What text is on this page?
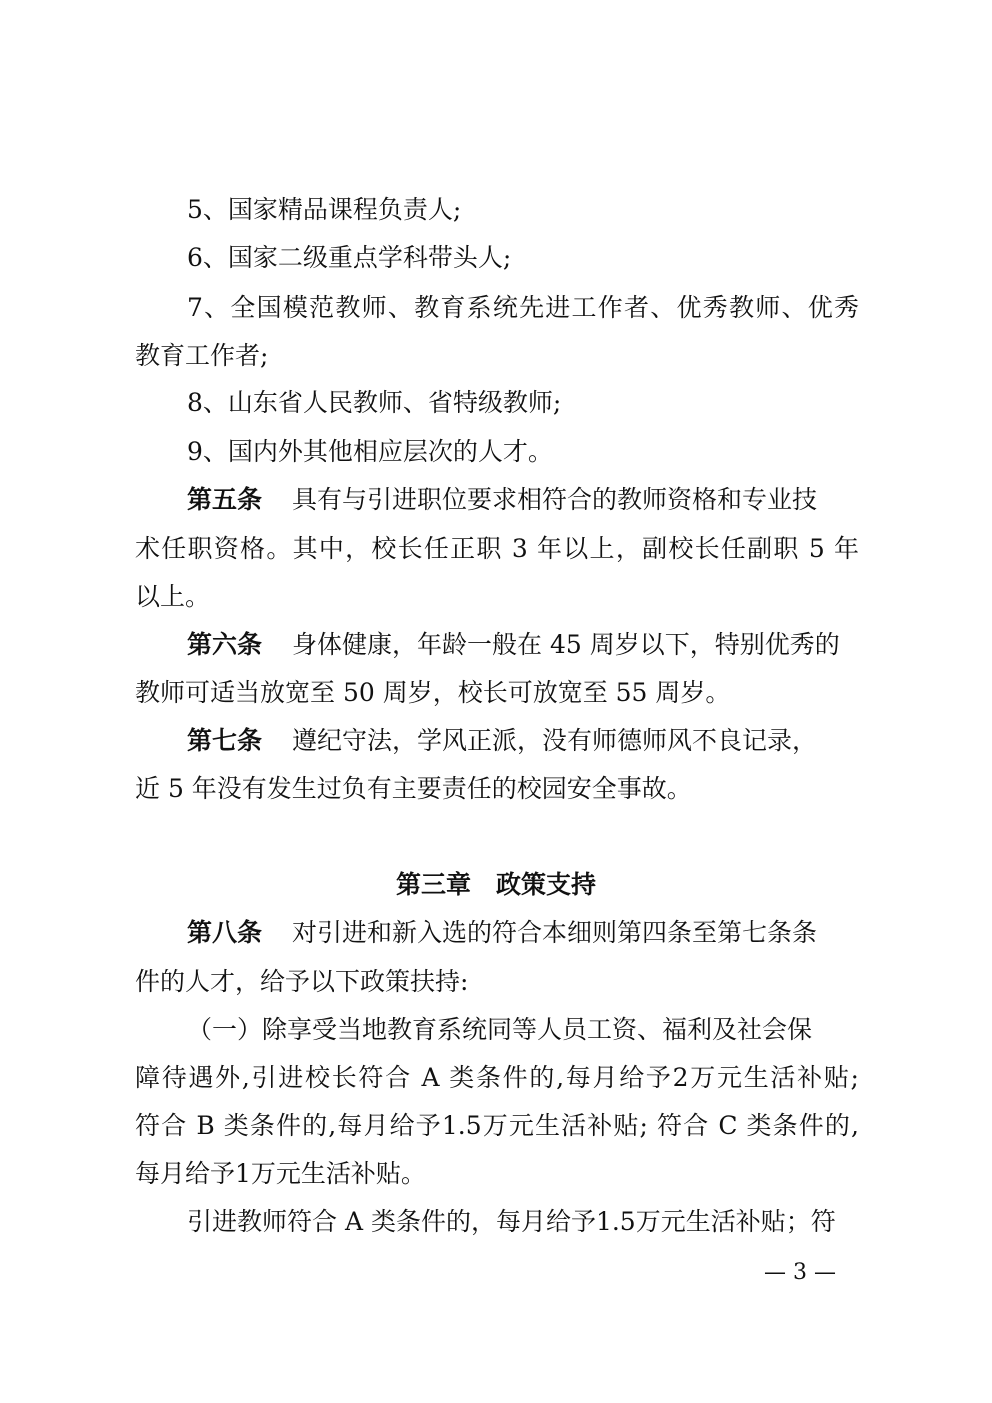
5、国家精品课程负责人;
6、国家二级重点学科带头人;
7、全国模范教师、教育系统先进工作者、优秀教师、优秀
教育工作者;
8、山东省人民教师、省特级教师;
9、国内外其他相应层次的人才。
第五条 具有与引进职位要求相符合的教师资格和专业技
术任职资格。其中，校长任正职 3 年以上，副校长任副职 5 年
以上。
第六条 身体健康，年龄一般在 45 周岁以下，特别优秀的
教师可适当放宽至 50 周岁，校长可放宽至 55 周岁。
第七条 遵纪守法，学风正派，没有师德师风不良记录，
近 5 年没有发生过负有主要责任的校园安全事故。
第三章　政策支持
第八条 对引进和新入选的符合本细则第四条至第七条条
件的人才，给予以下政策扶持:
（一）除享受当地教育系统同等人员工资、福利及社会保
障待遇外,引进校长符合 A 类条件的,每月给予2万元生活补贴;
符合 B 类条件的,每月给予1.5万元生活补贴; 符合 C 类条件的,
每月给予1万元生活补贴。
引进教师符合 A 类条件的，每月给予1.5万元生活补贴；符
— 3 —
